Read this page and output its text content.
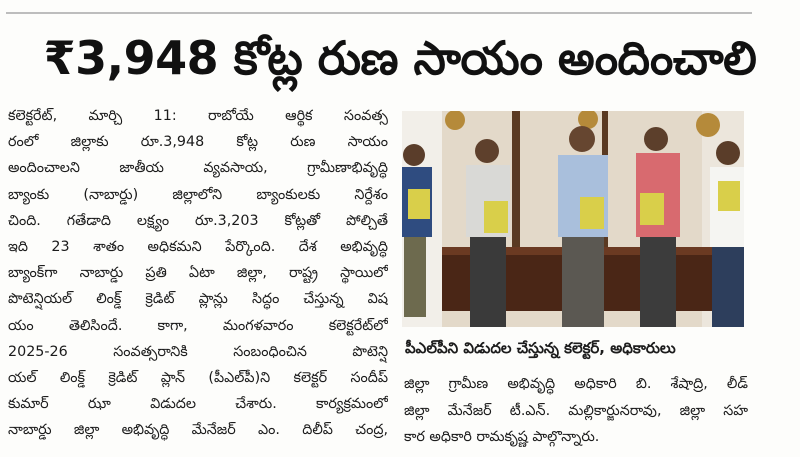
₹3,948 కోట్ల రుణ సాయం అందించాలి

కలెక్టరేట్, మార్చి 11: రాబోయే ఆర్థిక సంవత్స

రంలో జిల్లాకు రూ.3,948 కోట్ల రుణ సాయం

అందించాలని జాతీయ వ్యవసాయ, గ్రామీణాభివృద్ధి

బ్యాంకు (నాబార్డు) జిల్లాలోని బ్యాంకులకు నిర్దేశం

చింది. గతేడాది లక్ష్యం రూ.3,203 కోట్లతో పోల్చితే

ఇది 23 శాతం అధికమని పేర్కొంది. దేశ అభివృద్ధి

బ్యాంక్‌గా నాబార్డు ప్రతి ఏటా జిల్లా, రాష్ట్ర స్థాయిలో

పొటెన్షియల్ లింక్డ్ క్రెడిట్ ప్లాన్లు సిద్ధం చేస్తున్న విష

యం తెలిసిందే. కాగా, మంగళవారం కలెక్టరేట్‌లో

2025-26 సంవత్సరానికి సంబంధించిన పొటెన్షి

యల్ లింక్డ్ క్రెడిట్ ప్లాన్ (పీఎల్‌పీ)ని కలెక్టర్ సందీప్

కుమార్ ఝా విడుదల చేశారు. కార్యక్రమంలో

నాబార్డు జిల్లా అభివృద్ధి మేనేజర్ ఎం. దిలీప్ చంద్ర,

పీఎల్‌పీని విడుదల చేస్తున్న కలెక్టర్, అధికారులు

జిల్లా గ్రామీణ అభివృద్ధి అధికారి బి. శేషాద్రి, లీడ్

జిల్లా మేనేజర్ టీ.ఎన్. మల్లికార్జునరావు, జిల్లా సహ

కార అధికారి రామకృష్ణ పాల్గొన్నారు.
